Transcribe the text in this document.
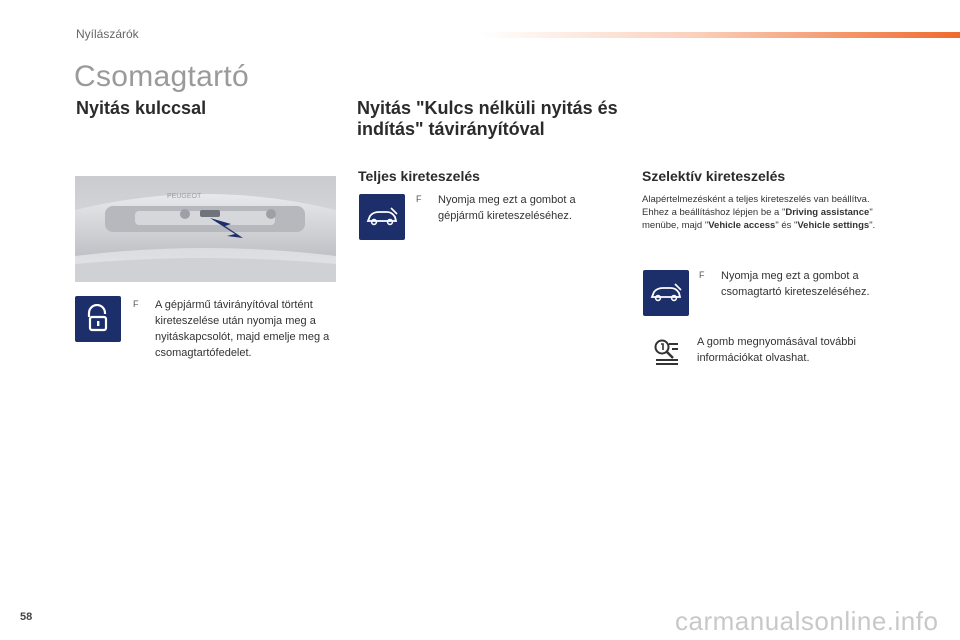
Nyílászárók
Csomagtartó
Nyitás kulccsal
PEUGEOT
F	A gépjármű távirányítóval történt kireteszelése után nyomja meg a nyitáskapcsolót, majd emelje meg a csomagtartófedelet.
Nyitás "Kulcs nélküli nyitás és indítás" távirányítóval
Teljes kireteszelés
F	Nyomja meg ezt a gombot a gépjármű kireteszeléséhez.
Szelektív kireteszelés
Alapértelmezésként a teljes kireteszelés van beállítva.
Ehhez a beállításhoz lépjen be a "Driving assistance" menübe, majd "Vehicle access" és "Vehicle settings".
F	Nyomja meg ezt a gombot a csomagtartó kireteszeléséhez.
A gomb megnyomásával további információkat olvashat.
58	carmanualsonline.info
